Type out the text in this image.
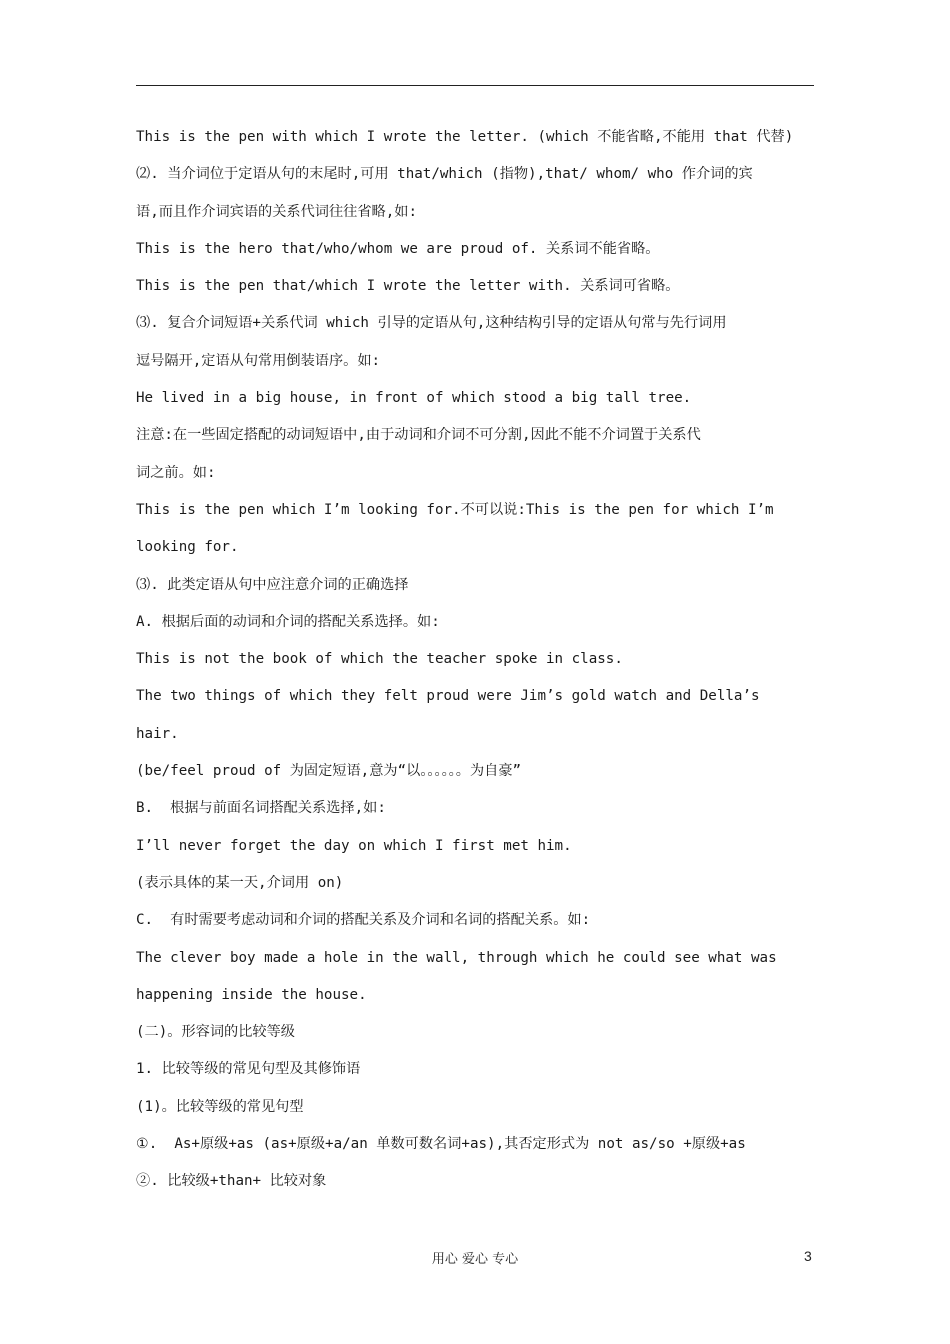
This is the pen with which I wrote the letter. (which 不能省略,不能用 that 代替)
⑵. 当介词位于定语从句的末尾时,可用 that/which (指物),that/ whom/ who 作介词的宾
语,而且作介词宾语的关系代词往往省略,如:
This is the hero that/who/whom we are proud of. 关系词不能省略。
This is the pen that/which I wrote the letter with. 关系词可省略。
⑶. 复合介词短语+关系代词 which 引导的定语从句,这种结构引导的定语从句常与先行词用
逗号隔开,定语从句常用倒装语序。如:
He lived in a big house, in front of which stood a big tall tree.
注意:在一些固定搭配的动词短语中,由于动词和介词不可分割,因此不能不介词置于关系代
词之前。如:
This is the pen which I’m looking for.不可以说:This is the pen for which I’m
looking for.
⑶. 此类定语从句中应注意介词的正确选择
A. 根据后面的动词和介词的搭配关系选择。如:
This is not the book of which the teacher spoke in class.
The two things of which they felt proud were Jim’s gold watch and Della’s
hair.
(be/feel proud of 为固定短语,意为“以。。。。。。为自豪”
B.  根据与前面名词搭配关系选择,如:
I’ll never forget the day on which I first met him.
(表示具体的某一天,介词用 on)
C.  有时需要考虑动词和介词的搭配关系及介词和名词的搭配关系。如:
The clever boy made a hole in the wall, through which he could see what was
happening inside the house.
(二)。形容词的比较等级
1. 比较等级的常见句型及其修饰语
(1)。比较等级的常见句型
①.  As+原级+as (as+原级+a/an 单数可数名词+as),其否定形式为 not as/so +原级+as
②. 比较级+than+ 比较对象
用心 爱心 专心	3
